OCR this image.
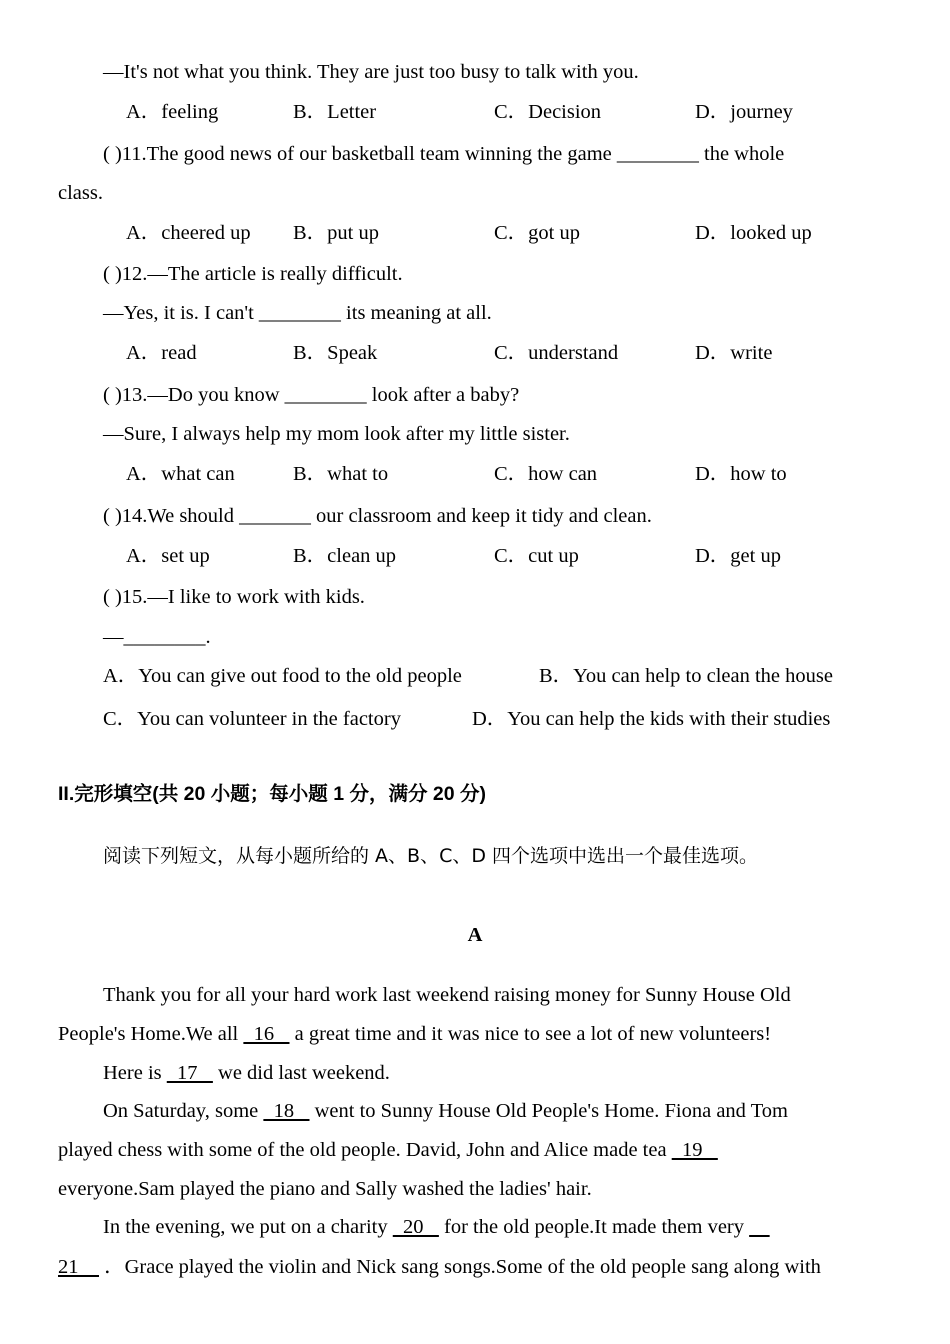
—It's not what you think. They are just too busy to talk with you.
A．feeling	B．Letter	C．Decision	D．journey
( )11.The good news of our basketball team winning the game ________ the whole
class.
A．cheered up B．put up	C．got up	D．looked up
( )12.—The article is really difficult.
—Yes, it is. I can't ________ its meaning at all.
A．read	B．Speak	C．understand	D．write
( )13.—Do you know ________ look after a baby?
—Sure, I always help my mom look after my little sister.
A．what can	B．what to	C．how can	D．how to
( )14.We should _______ our classroom and keep it tidy and clean.
A．set up	B．clean up	C．cut up	D．get up
( )15.—I like to work with kids.
—________.
A．You can give out food to the old people	B．You can help to clean the house
C．You can volunteer in the factory	D．You can help the kids with their studies
II.完形填空(共 20 小题；每小题 1 分，满分 20 分)
阅读下列短文，从每小题所给的 A、B、C、D 四个选项中选出一个最佳选项。
A
Thank you for all your hard work last weekend raising money for Sunny House Old
People's Home.We all   16    a great time and it was nice to see a lot of new volunteers!
Here is   17    we did last weekend.
On Saturday, some   18    went to Sunny House Old People's Home. Fiona and Tom
played chess with some of the old people. David, John and Alice made tea   19
everyone.Sam played the piano and Sally washed the ladies' hair.
In the evening, we put on a charity   20    for the old people.It made them very
21     ．Grace played the violin and Nick sang songs.Some of the old people sang along with
